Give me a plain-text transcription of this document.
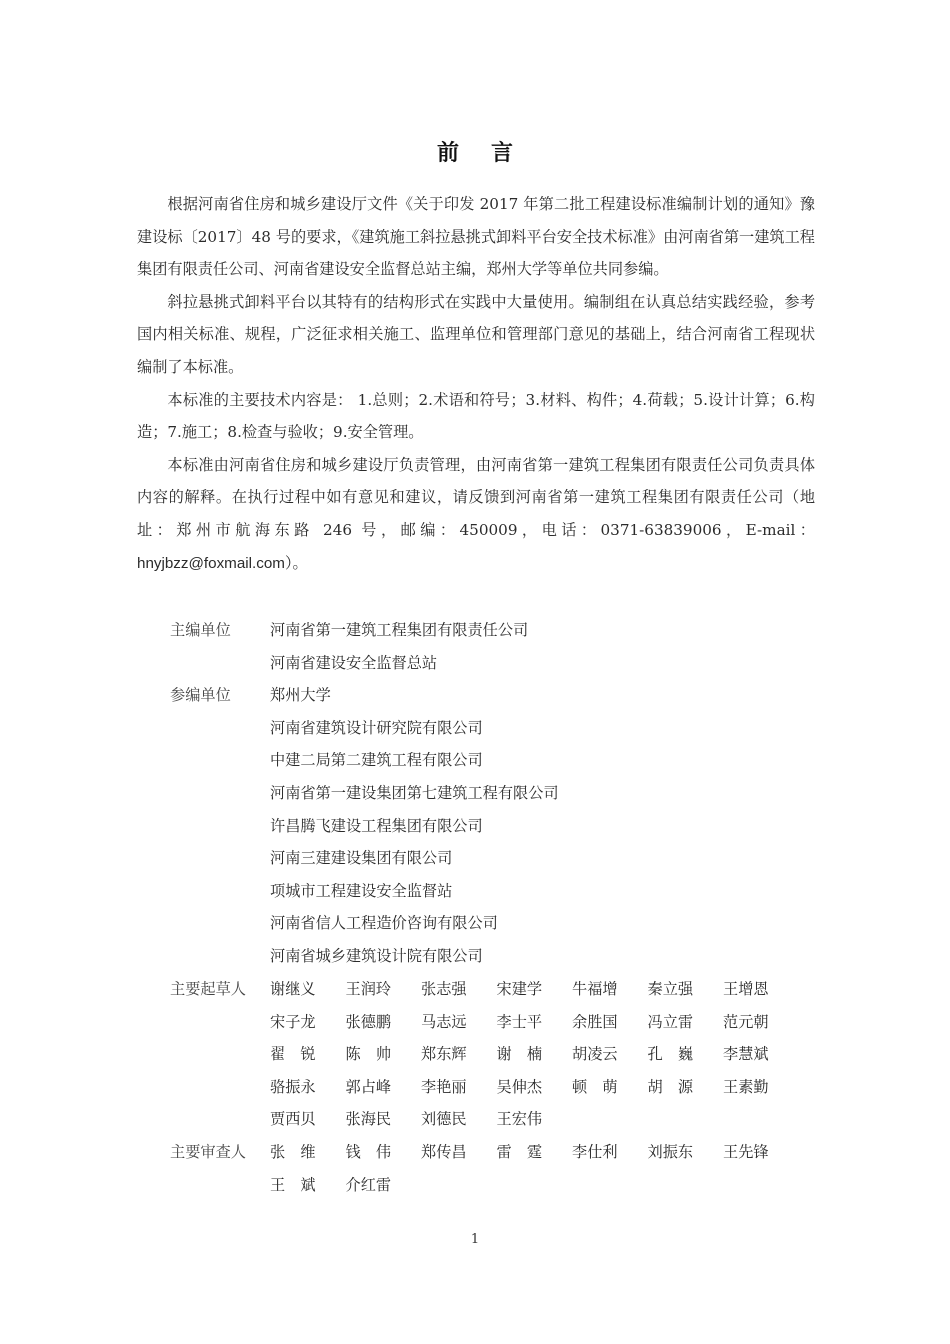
前言

根据河南省住房和城乡建设厅文件《关于印发 2017 年第二批工程建设标准编制计划的通知》豫建设标〔2017〕48 号的要求，《建筑施工斜拉悬挑式卸料平台安全技术标准》由河南省第一建筑工程集团有限责任公司、河南省建设安全监督总站主编，郑州大学等单位共同参编。

斜拉悬挑式卸料平台以其特有的结构形式在实践中大量使用。编制组在认真总结实践经验，参考国内相关标准、规程，广泛征求相关施工、监理单位和管理部门意见的基础上，结合河南省工程现状编制了本标准。

本标准的主要技术内容是： 1.总则；2.术语和符号；3.材料、构件；4.荷载；5.设计计算；6.构造；7.施工；8.检查与验收；9.安全管理。

本标准由河南省住房和城乡建设厅负责管理，由河南省第一建筑工程集团有限责任公司负责具体内容的解释。在执行过程中如有意见和建议，请反馈到河南省第一建筑工程集团有限责任公司（地址：郑州市航海东路 246 号，邮编：450009，电话：0371-63839006，E-mail：hnyjbzz@foxmail.com）。

主编单位	河南省第一建筑工程集团有限责任公司
河南省建设安全监督总站
参编单位	郑州大学
河南省建筑设计研究院有限公司
中建二局第二建筑工程有限公司
河南省第一建设集团第七建筑工程有限公司
许昌腾飞建设工程集团有限公司
河南三建建设集团有限公司
项城市工程建设安全监督站
河南省信人工程造价咨询有限公司
河南省城乡建筑设计院有限公司
主要起草人	谢继义	王润玲	张志强	宋建学	牛福增	秦立强	王增恩
宋子龙	张德鹏	马志远	李士平	余胜国	冯立雷	范元朝
翟　锐	陈　帅	郑东辉	谢　楠	胡凌云	孔　巍	李慧斌
骆振永	郭占峰	李艳丽	吴伸杰	顿　萌	胡　源	王素勤
贾西贝	张海民	刘德民	王宏伟
主要审查人	张　维	钱　伟	郑传昌	雷　霆	李仕利	刘振东	王先锋
王　斌	介红雷
1
